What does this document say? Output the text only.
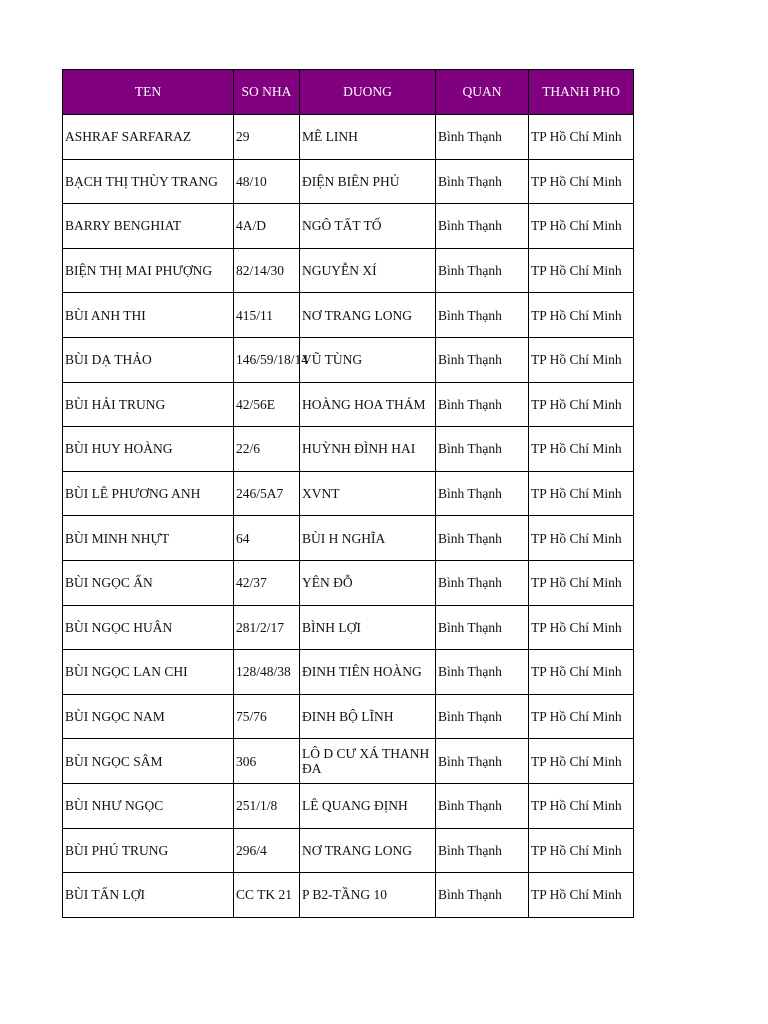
TEN	SO NHA	DUONG	QUAN	THANH PHO
ASHRAF SARFARAZ	29	MÊ LINH	Bình Thạnh	TP Hồ Chí Minh
BẠCH THỊ THÙY TRANG	48/10	ĐIỆN BIÊN PHỦ	Bình Thạnh	TP Hồ Chí Minh
BARRY BENGHIAT	4A/D	NGÔ TẤT TỐ	Bình Thạnh	TP Hồ Chí Minh
BIỆN THỊ MAI PHƯỢNG	82/14/30	NGUYỄN XÍ	Bình Thạnh	TP Hồ Chí Minh
BÙI ANH THI	415/11	NƠ TRANG LONG	Bình Thạnh	TP Hồ Chí Minh
BÙI DẠ THẢO	146/59/18/14	VŨ TÙNG	Bình Thạnh	TP Hồ Chí Minh
BÙI HẢI TRUNG	42/56E	HOÀNG HOA THÁM	Bình Thạnh	TP Hồ Chí Minh
BÙI HUY HOÀNG	22/6	HUỲNH ĐÌNH HAI	Bình Thạnh	TP Hồ Chí Minh
BÙI LÊ PHƯƠNG ANH	246/5A7	XVNT	Bình Thạnh	TP Hồ Chí Minh
BÙI MINH NHỰT	64	BÙI H NGHĨA	Bình Thạnh	TP Hồ Chí Minh
BÙI NGỌC ẨN	42/37	YÊN ĐỖ	Bình Thạnh	TP Hồ Chí Minh
BÙI NGỌC HUÂN	281/2/17	BÌNH LỢI	Bình Thạnh	TP Hồ Chí Minh
BÙI NGỌC LAN CHI	128/48/38	ĐINH TIÊN HOÀNG	Bình Thạnh	TP Hồ Chí Minh
BÙI NGỌC NAM	75/76	ĐINH BỘ LĨNH	Bình Thạnh	TP Hồ Chí Minh
BÙI NGỌC SÂM	306	LÔ D CƯ XÁ THANH ĐA	Bình Thạnh	TP Hồ Chí Minh
BÙI NHƯ NGỌC	251/1/8	LÊ QUANG ĐỊNH	Bình Thạnh	TP Hồ Chí Minh
BÙI PHÚ TRUNG	296/4	NƠ TRANG LONG	Bình Thạnh	TP Hồ Chí Minh
BÙI TẤN LỢI	CC TK 21	P B2-TẦNG 10	Bình Thạnh	TP Hồ Chí Minh
